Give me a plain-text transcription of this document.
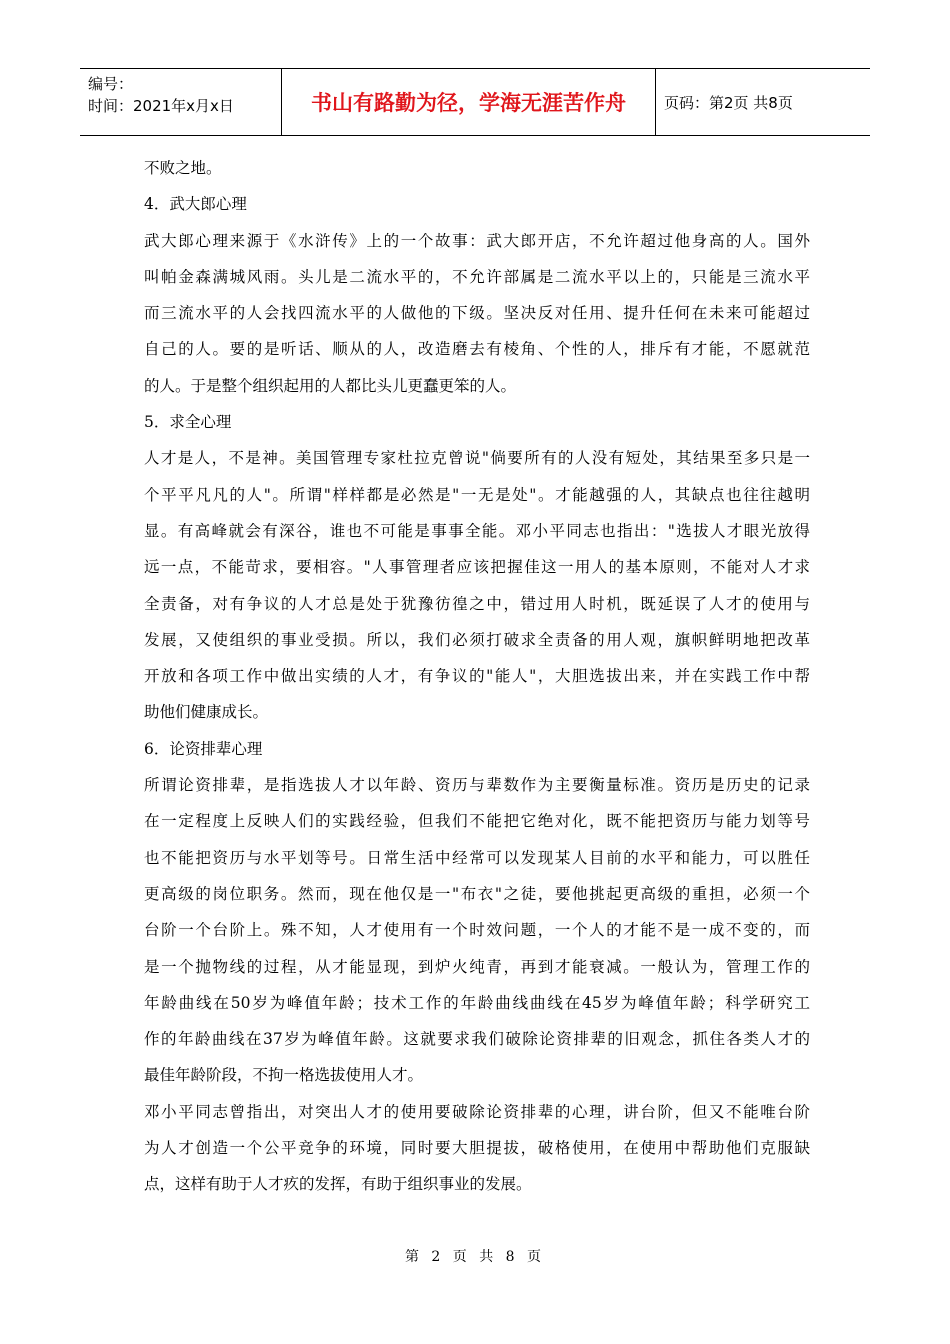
编号：
时间：2021年x月x日	书山有路勤为径，学海无涯苦作舟	页码：第2页 共8页
不败之地。
4．武大郎心理
武大郎心理来源于《水浒传》上的一个故事：武大郎开店，不允许超过他身高的人。国外
叫帕金森满城风雨。头儿是二流水平的，不允许部属是二流水平以上的，只能是三流水平
而三流水平的人会找四流水平的人做他的下级。坚决反对任用、提升任何在未来可能超过
自己的人。要的是听话、顺从的人，改造磨去有棱角、个性的人，排斥有才能，不愿就范
的人。于是整个组织起用的人都比头儿更蠢更笨的人。
5．求全心理
人才是人，不是神。美国管理专家杜拉克曾说"倘要所有的人没有短处，其结果至多只是一
个平平凡凡的人"。所谓"样样都是必然是"一无是处"。才能越强的人，其缺点也往往越明
显。有高峰就会有深谷，谁也不可能是事事全能。邓小平同志也指出："选拔人才眼光放得
远一点，不能苛求，要相容。"人事管理者应该把握佳这一用人的基本原则，不能对人才求
全责备，对有争议的人才总是处于犹豫彷徨之中，错过用人时机，既延误了人才的使用与
发展，又使组织的事业受损。所以，我们必须打破求全责备的用人观，旗帜鲜明地把改革
开放和各项工作中做出实绩的人才，有争议的"能人"，大胆选拔出来，并在实践工作中帮
助他们健康成长。
6．论资排辈心理
所谓论资排辈，是指选拔人才以年龄、资历与辈数作为主要衡量标准。资历是历史的记录
在一定程度上反映人们的实践经验，但我们不能把它绝对化，既不能把资历与能力划等号
也不能把资历与水平划等号。日常生活中经常可以发现某人目前的水平和能力，可以胜任
更高级的岗位职务。然而，现在他仅是一"布衣"之徒，要他挑起更高级的重担，必须一个
台阶一个台阶上。殊不知，人才使用有一个时效问题，一个人的才能不是一成不变的，而
是一个抛物线的过程，从才能显现，到炉火纯青，再到才能衰减。一般认为，管理工作的
年龄曲线在50岁为峰值年龄；技术工作的年龄曲线曲线在45岁为峰值年龄；科学研究工
作的年龄曲线在37岁为峰值年龄。这就要求我们破除论资排辈的旧观念，抓住各类人才的
最佳年龄阶段，不拘一格选拔使用人才。
邓小平同志曾指出，对突出人才的使用要破除论资排辈的心理，讲台阶，但又不能唯台阶
为人才创造一个公平竞争的环境，同时要大胆提拔，破格使用，在使用中帮助他们克服缺
点，这样有助于人才疚的发挥，有助于组织事业的发展。
第 2 页 共 8 页
